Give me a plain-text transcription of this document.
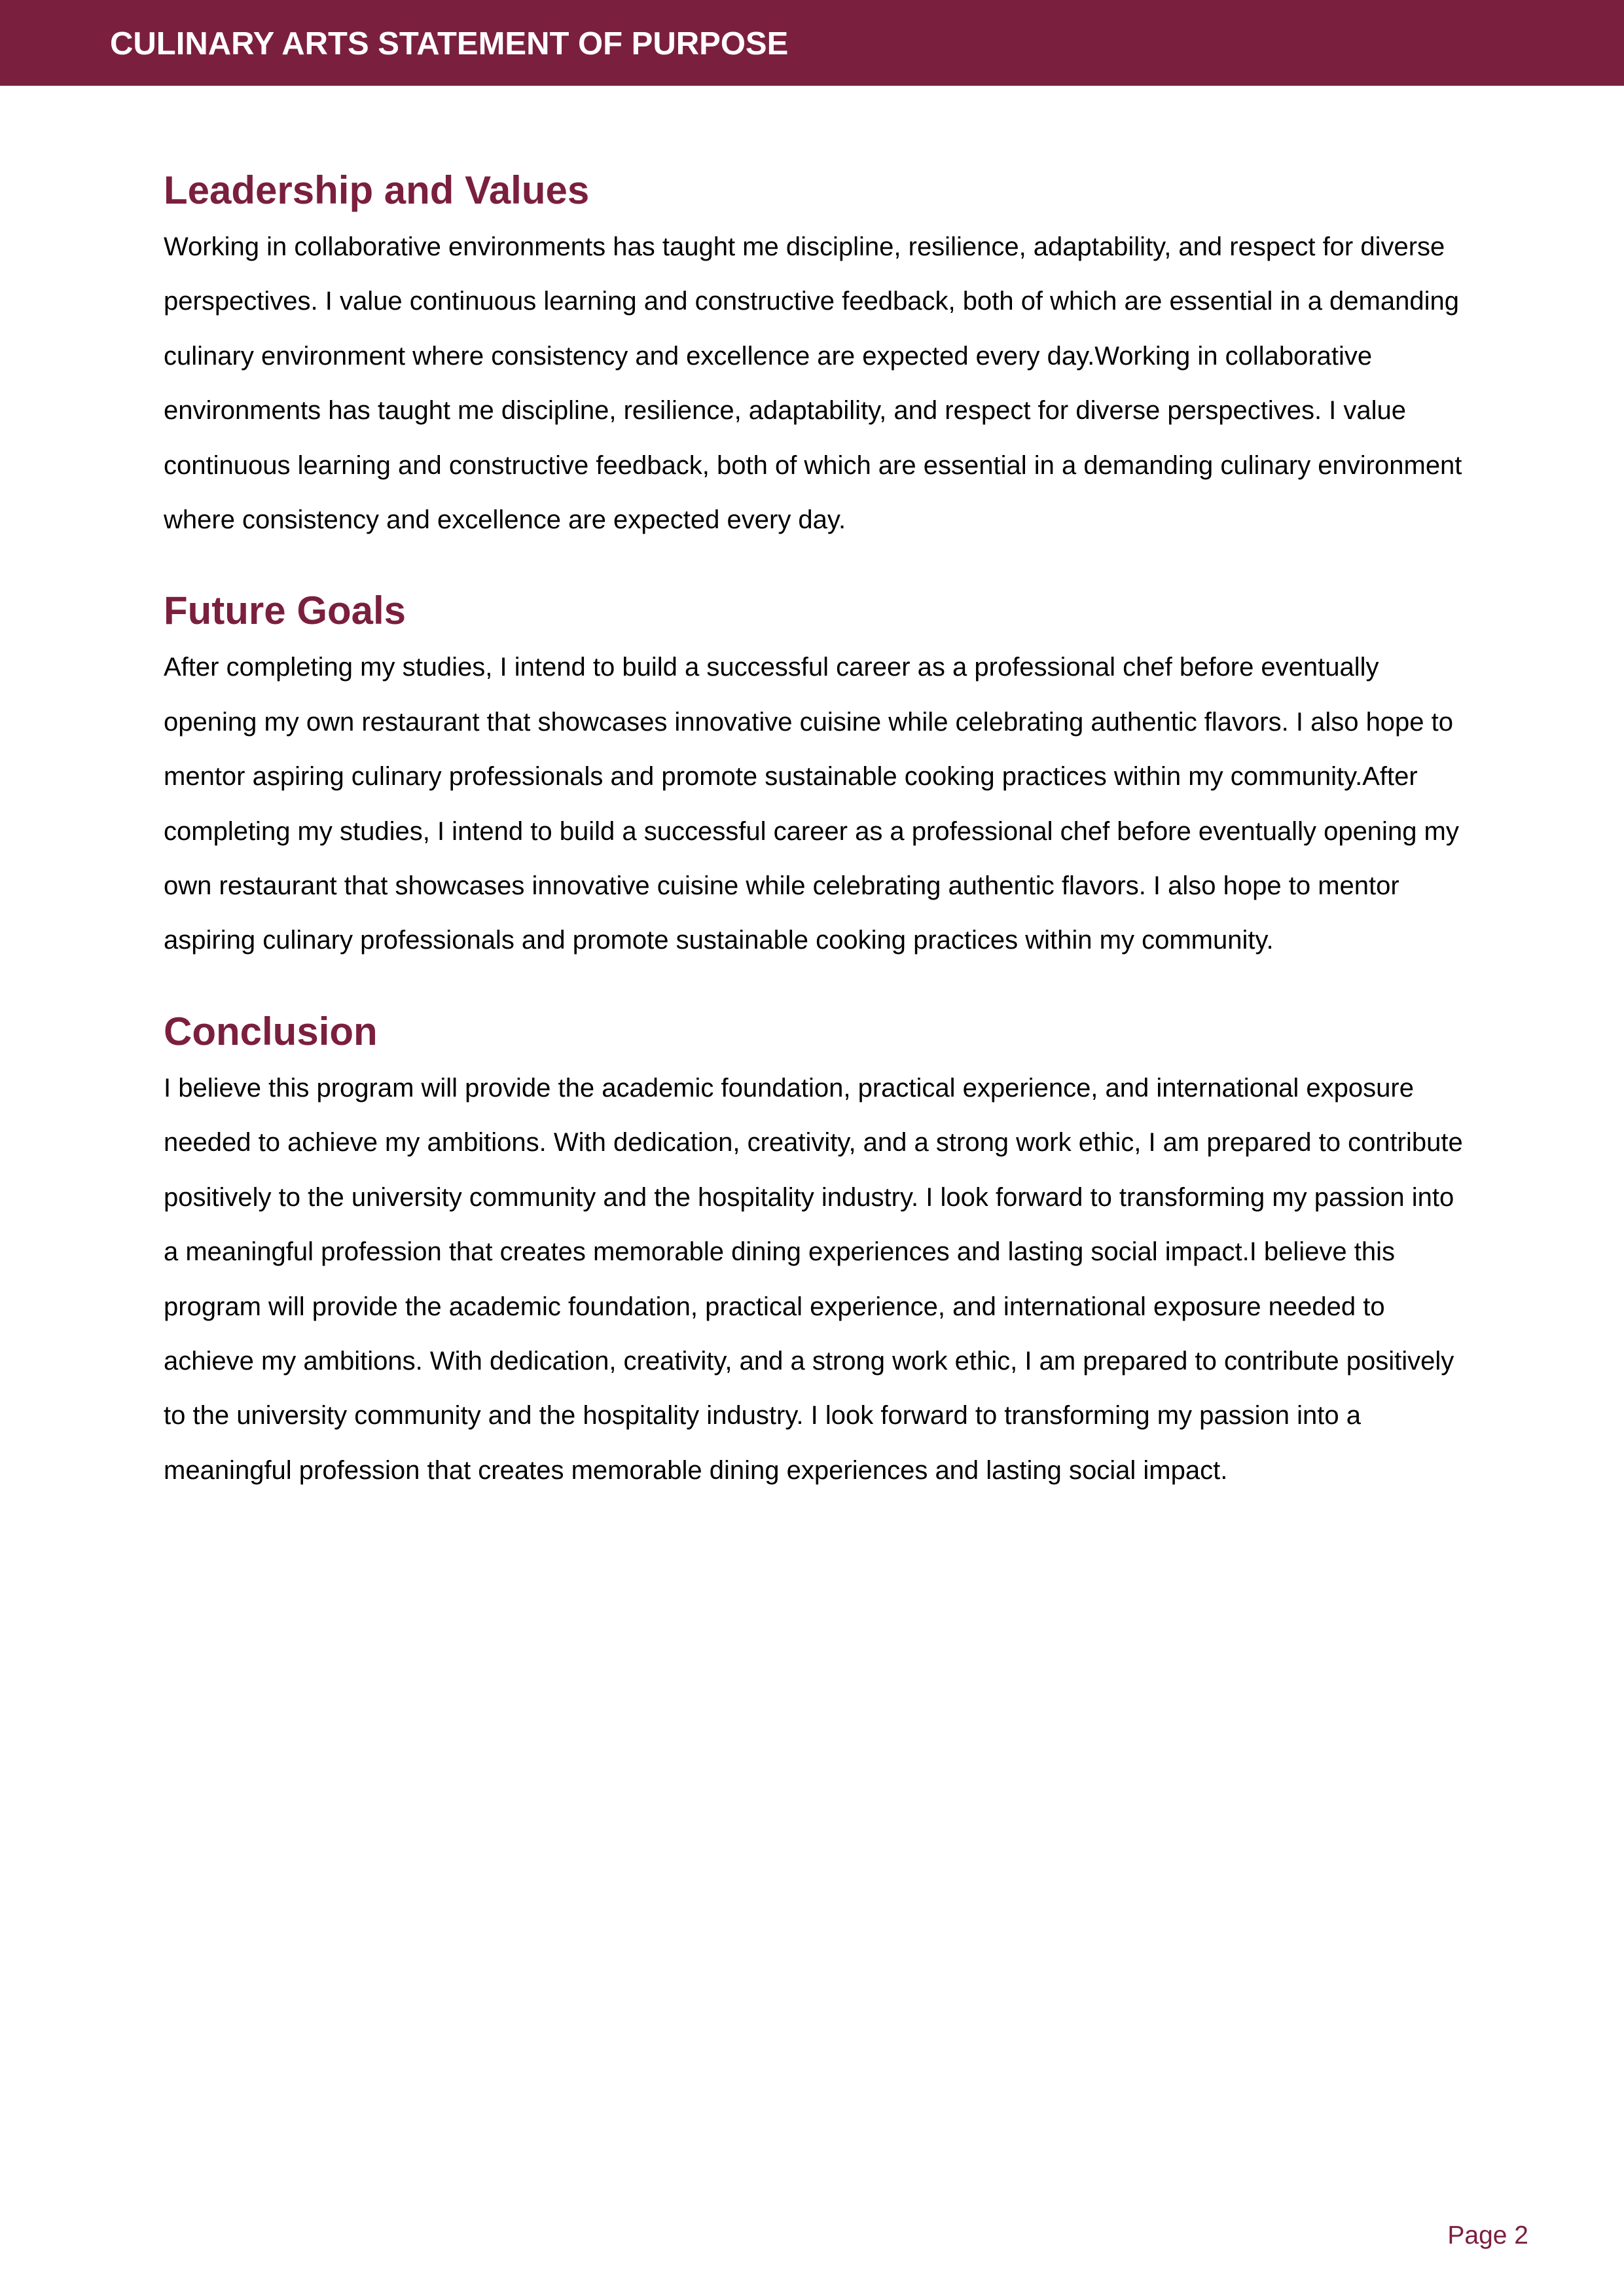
CULINARY ARTS STATEMENT OF PURPOSE
Leadership and Values

Working in collaborative environments has taught me discipline, resilience, adaptability, and respect for diverse perspectives. I value continuous learning and constructive feedback, both of which are essential in a demanding culinary environment where consistency and excellence are expected every day.Working in collaborative environments has taught me discipline, resilience, adaptability, and respect for diverse perspectives. I value continuous learning and constructive feedback, both of which are essential in a demanding culinary environment where consistency and excellence are expected every day.

Future Goals

After completing my studies, I intend to build a successful career as a professional chef before eventually opening my own restaurant that showcases innovative cuisine while celebrating authentic flavors. I also hope to mentor aspiring culinary professionals and promote sustainable cooking practices within my community.After completing my studies, I intend to build a successful career as a professional chef before eventually opening my own restaurant that showcases innovative cuisine while celebrating authentic flavors. I also hope to mentor aspiring culinary professionals and promote sustainable cooking practices within my community.

Conclusion

I believe this program will provide the academic foundation, practical experience, and international exposure needed to achieve my ambitions. With dedication, creativity, and a strong work ethic, I am prepared to contribute positively to the university community and the hospitality industry. I look forward to transforming my passion into a meaningful profession that creates memorable dining experiences and lasting social impact.I believe this program will provide the academic foundation, practical experience, and international exposure needed to achieve my ambitions. With dedication, creativity, and a strong work ethic, I am prepared to contribute positively to the university community and the hospitality industry. I look forward to transforming my passion into a meaningful profession that creates memorable dining experiences and lasting social impact.

Page 2
